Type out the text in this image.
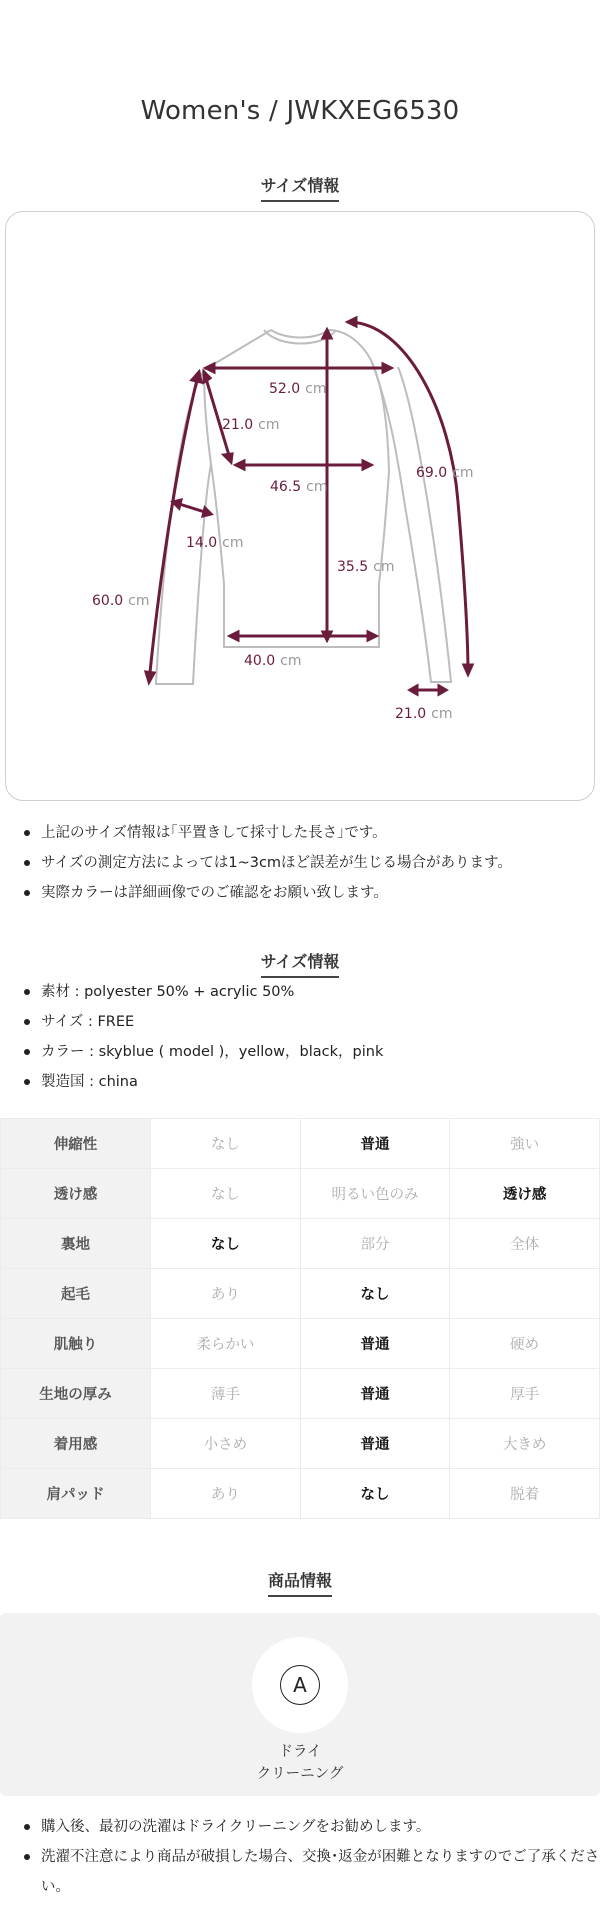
Women's / JWKXEG6530
サイズ情報
52.0 cm
21.0 cm
46.5 cm
69.0 cm
14.0 cm
35.5 cm
60.0 cm
40.0 cm
21.0 cm
上記のサイズ情報は｢平置きして採寸した長さ｣です。
サイズの測定方法によっては1~3cmほど誤差が生じる場合があります。
実際カラーは詳細画像でのご確認をお願い致します。
サイズ情報
素材 : polyester 50% + acrylic 50%
サイズ : FREE
カラー : skyblue ( model )，yellow，black，pink
製造国 : china
伸縮性	なし	普通	強い
透け感	なし	明るい色のみ	透け感
裏地	なし	部分	全体
起毛	あり	なし	
肌触り	柔らかい	普通	硬め
生地の厚み	薄手	普通	厚手
着用感	小さめ	普通	大きめ
肩パッド	あり	なし	脱着
商品情報
A
ドライ
クリーニング
購入後、最初の洗濯はドライクリーニングをお勧めします。
洗濯不注意により商品が破損した場合、交換･返金が困難となりますのでご了承くださ
い。
